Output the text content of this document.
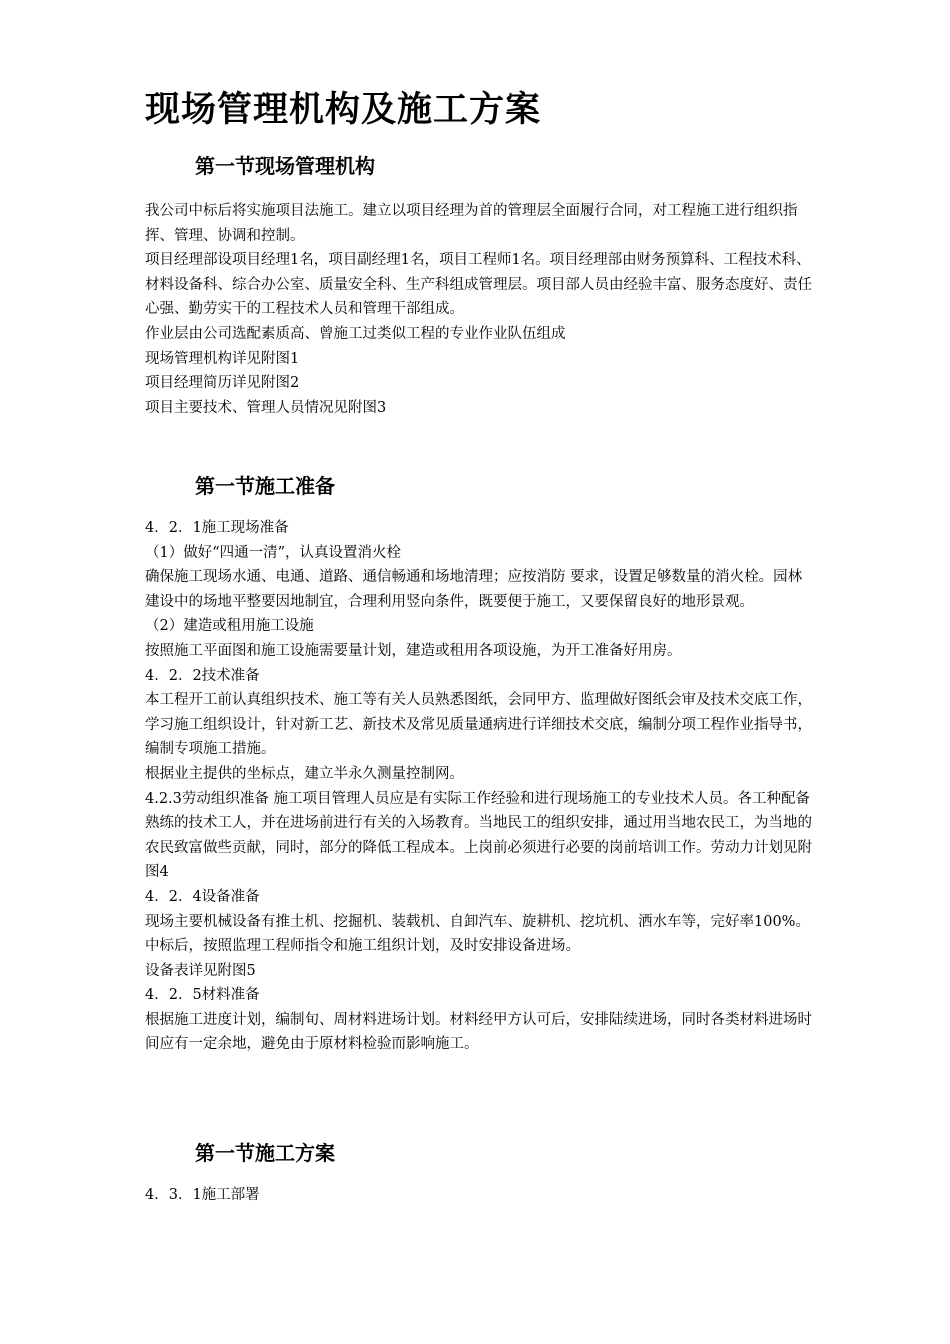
现场管理机构及施工方案
第一节现场管理机构

我公司中标后将实施项目法施工。建立以项目经理为首的管理层全面履行合同，对工程施工进行组织指挥、管理、协调和控制。

项目经理部设项目经理1名，项目副经理1名，项目工程师1名。项目经理部由财务预算科、工程技术科、材料设备科、综合办公室、质量安全科、生产科组成管理层。项目部人员由经验丰富、服务态度好、责任心强、勤劳实干的工程技术人员和管理干部组成。

作业层由公司选配素质高、曾施工过类似工程的专业作业队伍组成

现场管理机构详见附图1

项目经理简历详见附图2

项目主要技术、管理人员情况见附图3

第一节施工准备

4．2．1施工现场准备

（1）做好“四通一清”，认真设置消火栓

确保施工现场水通、电通、道路、通信畅通和场地清理；应按消防 要求，设置足够数量的消火栓。园林建设中的场地平整要因地制宜，合理利用竖向条件，既要便于施工，又要保留良好的地形景观。

（2）建造或租用施工设施

按照施工平面图和施工设施需要量计划，建造或租用各项设施，为开工准备好用房。

4．2．2技术准备

本工程开工前认真组织技术、施工等有关人员熟悉图纸，会同甲方、监理做好图纸会审及技术交底工作，学习施工组织设计，针对新工艺、新技术及常见质量通病进行详细技术交底，编制分项工程作业指导书，编制专项施工措施。

根据业主提供的坐标点，建立半永久测量控制网。

4.2.3劳动组织准备 施工项目管理人员应是有实际工作经验和进行现场施工的专业技术人员。各工种配备熟练的技术工人，并在进场前进行有关的入场教育。当地民工的组织安排，通过用当地农民工，为当地的农民致富做些贡献，同时，部分的降低工程成本。上岗前必须进行必要的岗前培训工作。劳动力计划见附图4

4．2．4设备准备

现场主要机械设备有推土机、挖掘机、装载机、自卸汽车、旋耕机、挖坑机、洒水车等，完好率100%。中标后，按照监理工程师指令和施工组织计划，及时安排设备进场。

设备表详见附图5

4．2．5材料准备

根据施工进度计划，编制旬、周材料进场计划。材料经甲方认可后，安排陆续进场，同时各类材料进场时间应有一定余地，避免由于原材料检验而影响施工。

第一节施工方案

4．3．1施工部署
